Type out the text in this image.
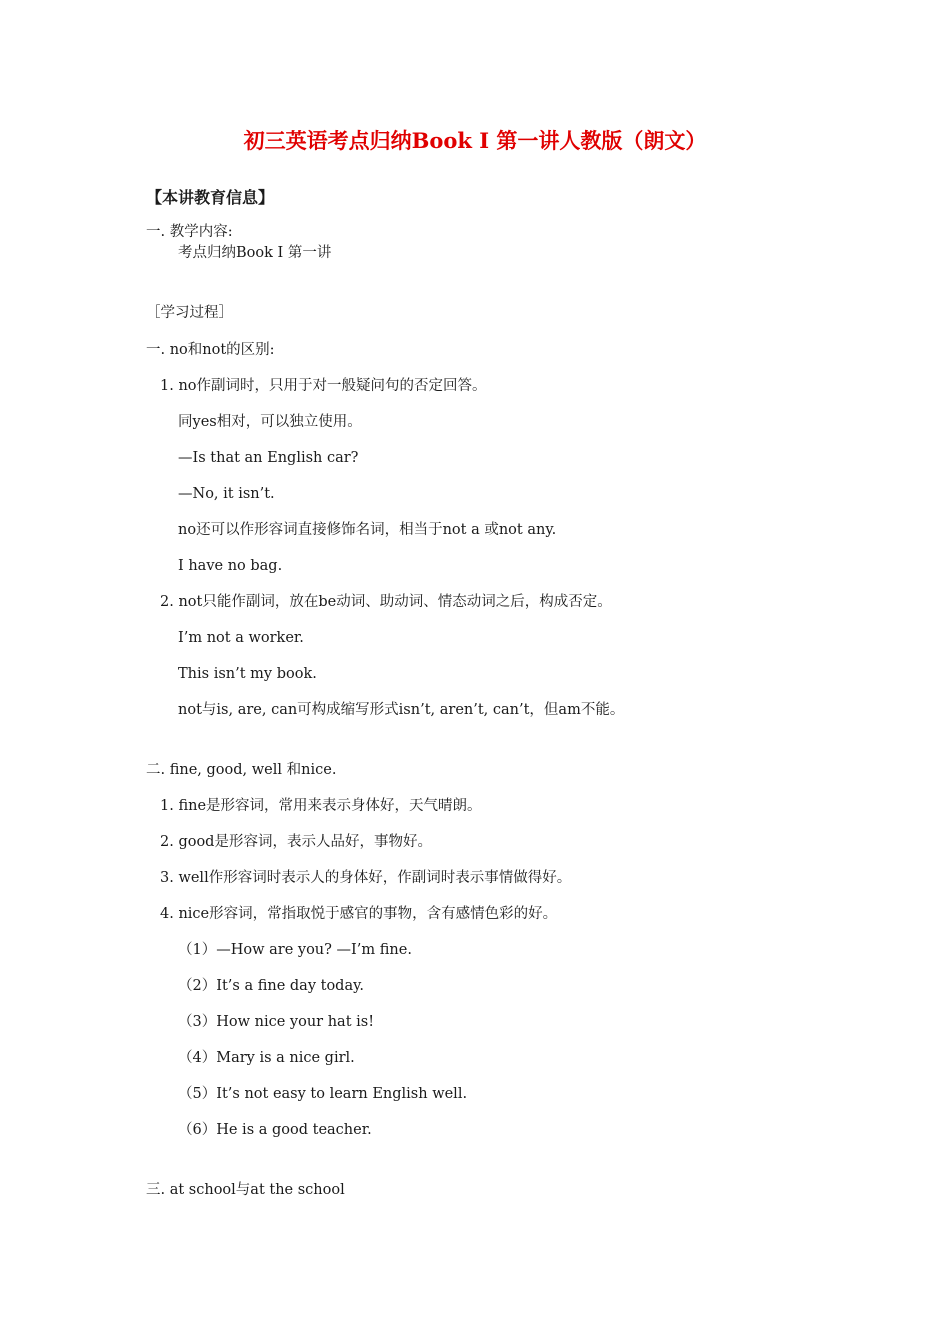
初三英语考点归纳Book I 第一讲人教版（朗文）
【本讲教育信息】
一. 教学内容:
考点归纳Book I 第一讲
［学习过程］
一. no和not的区别:
1. no作副词时，只用于对一般疑问句的否定回答。
同yes相对，可以独立使用。
—Is that an English car?
—No, it isn’t.
no还可以作形容词直接修饰名词，相当于not a 或not any.
I have no bag.
2. not只能作副词，放在be动词、助动词、情态动词之后，构成否定。
I’m not a worker.
This isn’t my book.
not与is, are, can可构成缩写形式isn’t, aren’t, can’t，但am不能。
二. fine, good, well 和nice.
1. fine是形容词，常用来表示身体好，天气晴朗。
2. good是形容词，表示人品好，事物好。
3. well作形容词时表示人的身体好，作副词时表示事情做得好。
4. nice形容词，常指取悦于感官的事物，含有感情色彩的好。
（1）—How are you? —I’m fine.
（2）It’s a fine day today.
（3）How nice your hat is!
（4）Mary is a nice girl.
（5）It’s not easy to learn English well.
（6）He is a good teacher.
三. at school与at the school
